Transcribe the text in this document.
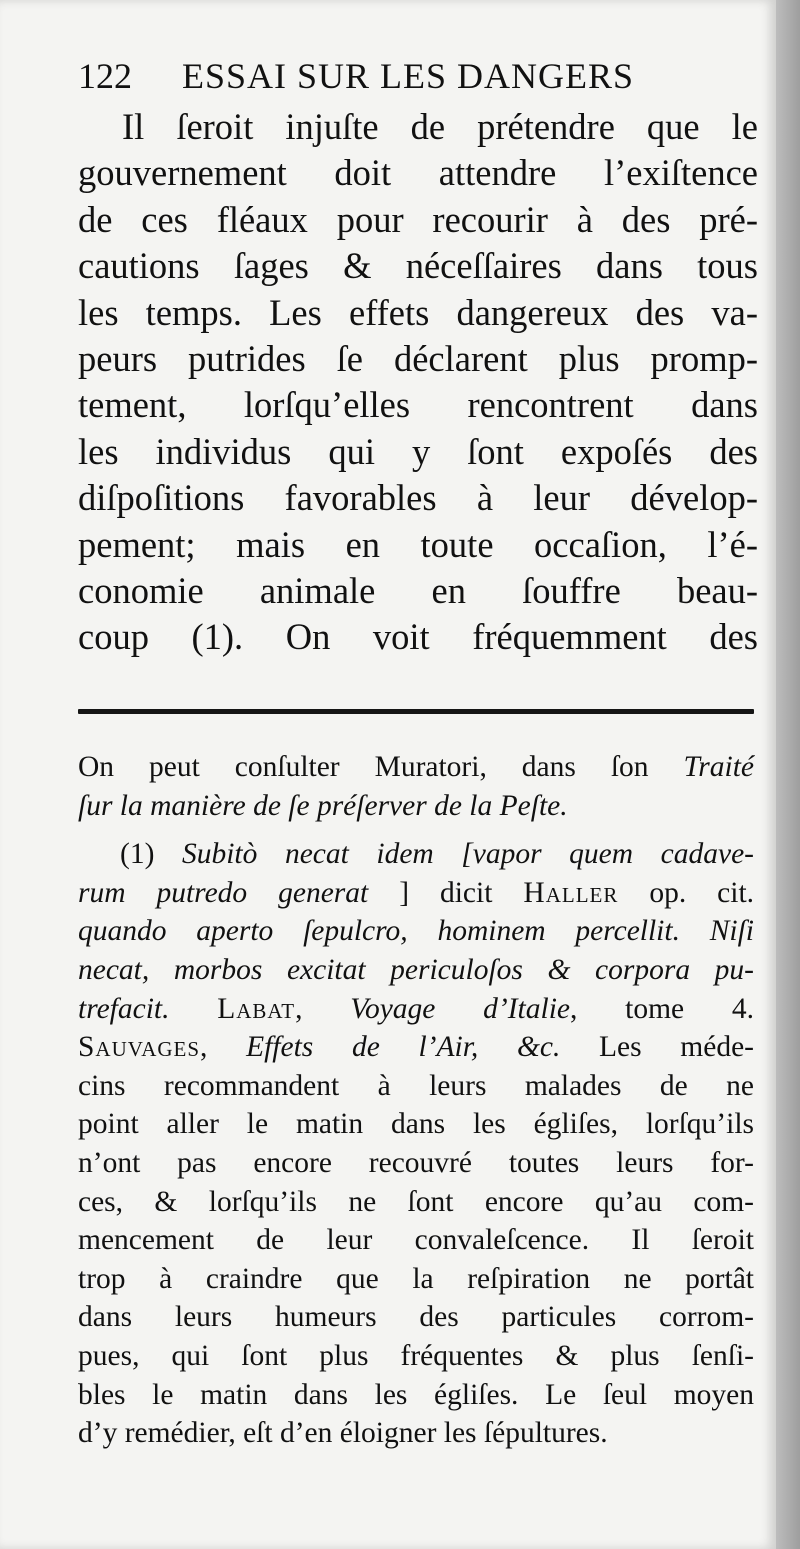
122 ESSAI SUR LES DANGERS
Il ſeroit injuſte de prétendre que le
gouvernement doit attendre l’exiſtence
de ces fléaux pour recourir à des pré-
cautions ſages & néceſſaires dans tous
les temps. Les effets dangereux des va-
peurs putrides ſe déclarent plus promp-
tement, lorſqu’elles rencontrent dans
les individus qui y ſont expoſés des
diſpoſitions favorables à leur dévelop-
pement; mais en toute occaſion, l’é-
conomie animale en ſouffre beau-
coup (1). On voit fréquemment des
On peut conſulter Muratori, dans ſon Traité
ſur la manière de ſe préſerver de la Peſte.
(1) Subitò necat idem [vapor quem cadave-
rum putredo generat ] dicit Haller op. cit.
quando aperto ſepulcro, hominem percellit. Niſi
necat, morbos excitat periculoſos & corpora pu-
trefacit. Labat, Voyage d’Italie, tome 4.
Sauvages, Effets de l’Air, &c. Les méde-
cins recommandent à leurs malades de ne
point aller le matin dans les égliſes, lorſqu’ils
n’ont pas encore recouvré toutes leurs for-
ces, & lorſqu’ils ne ſont encore qu’au com-
mencement de leur convaleſcence. Il ſeroit
trop à craindre que la reſpiration ne portât
dans leurs humeurs des particules corrom-
pues, qui ſont plus fréquentes & plus ſenſi-
bles le matin dans les égliſes. Le ſeul moyen
d’y remédier, eſt d’en éloigner les ſépultures.
